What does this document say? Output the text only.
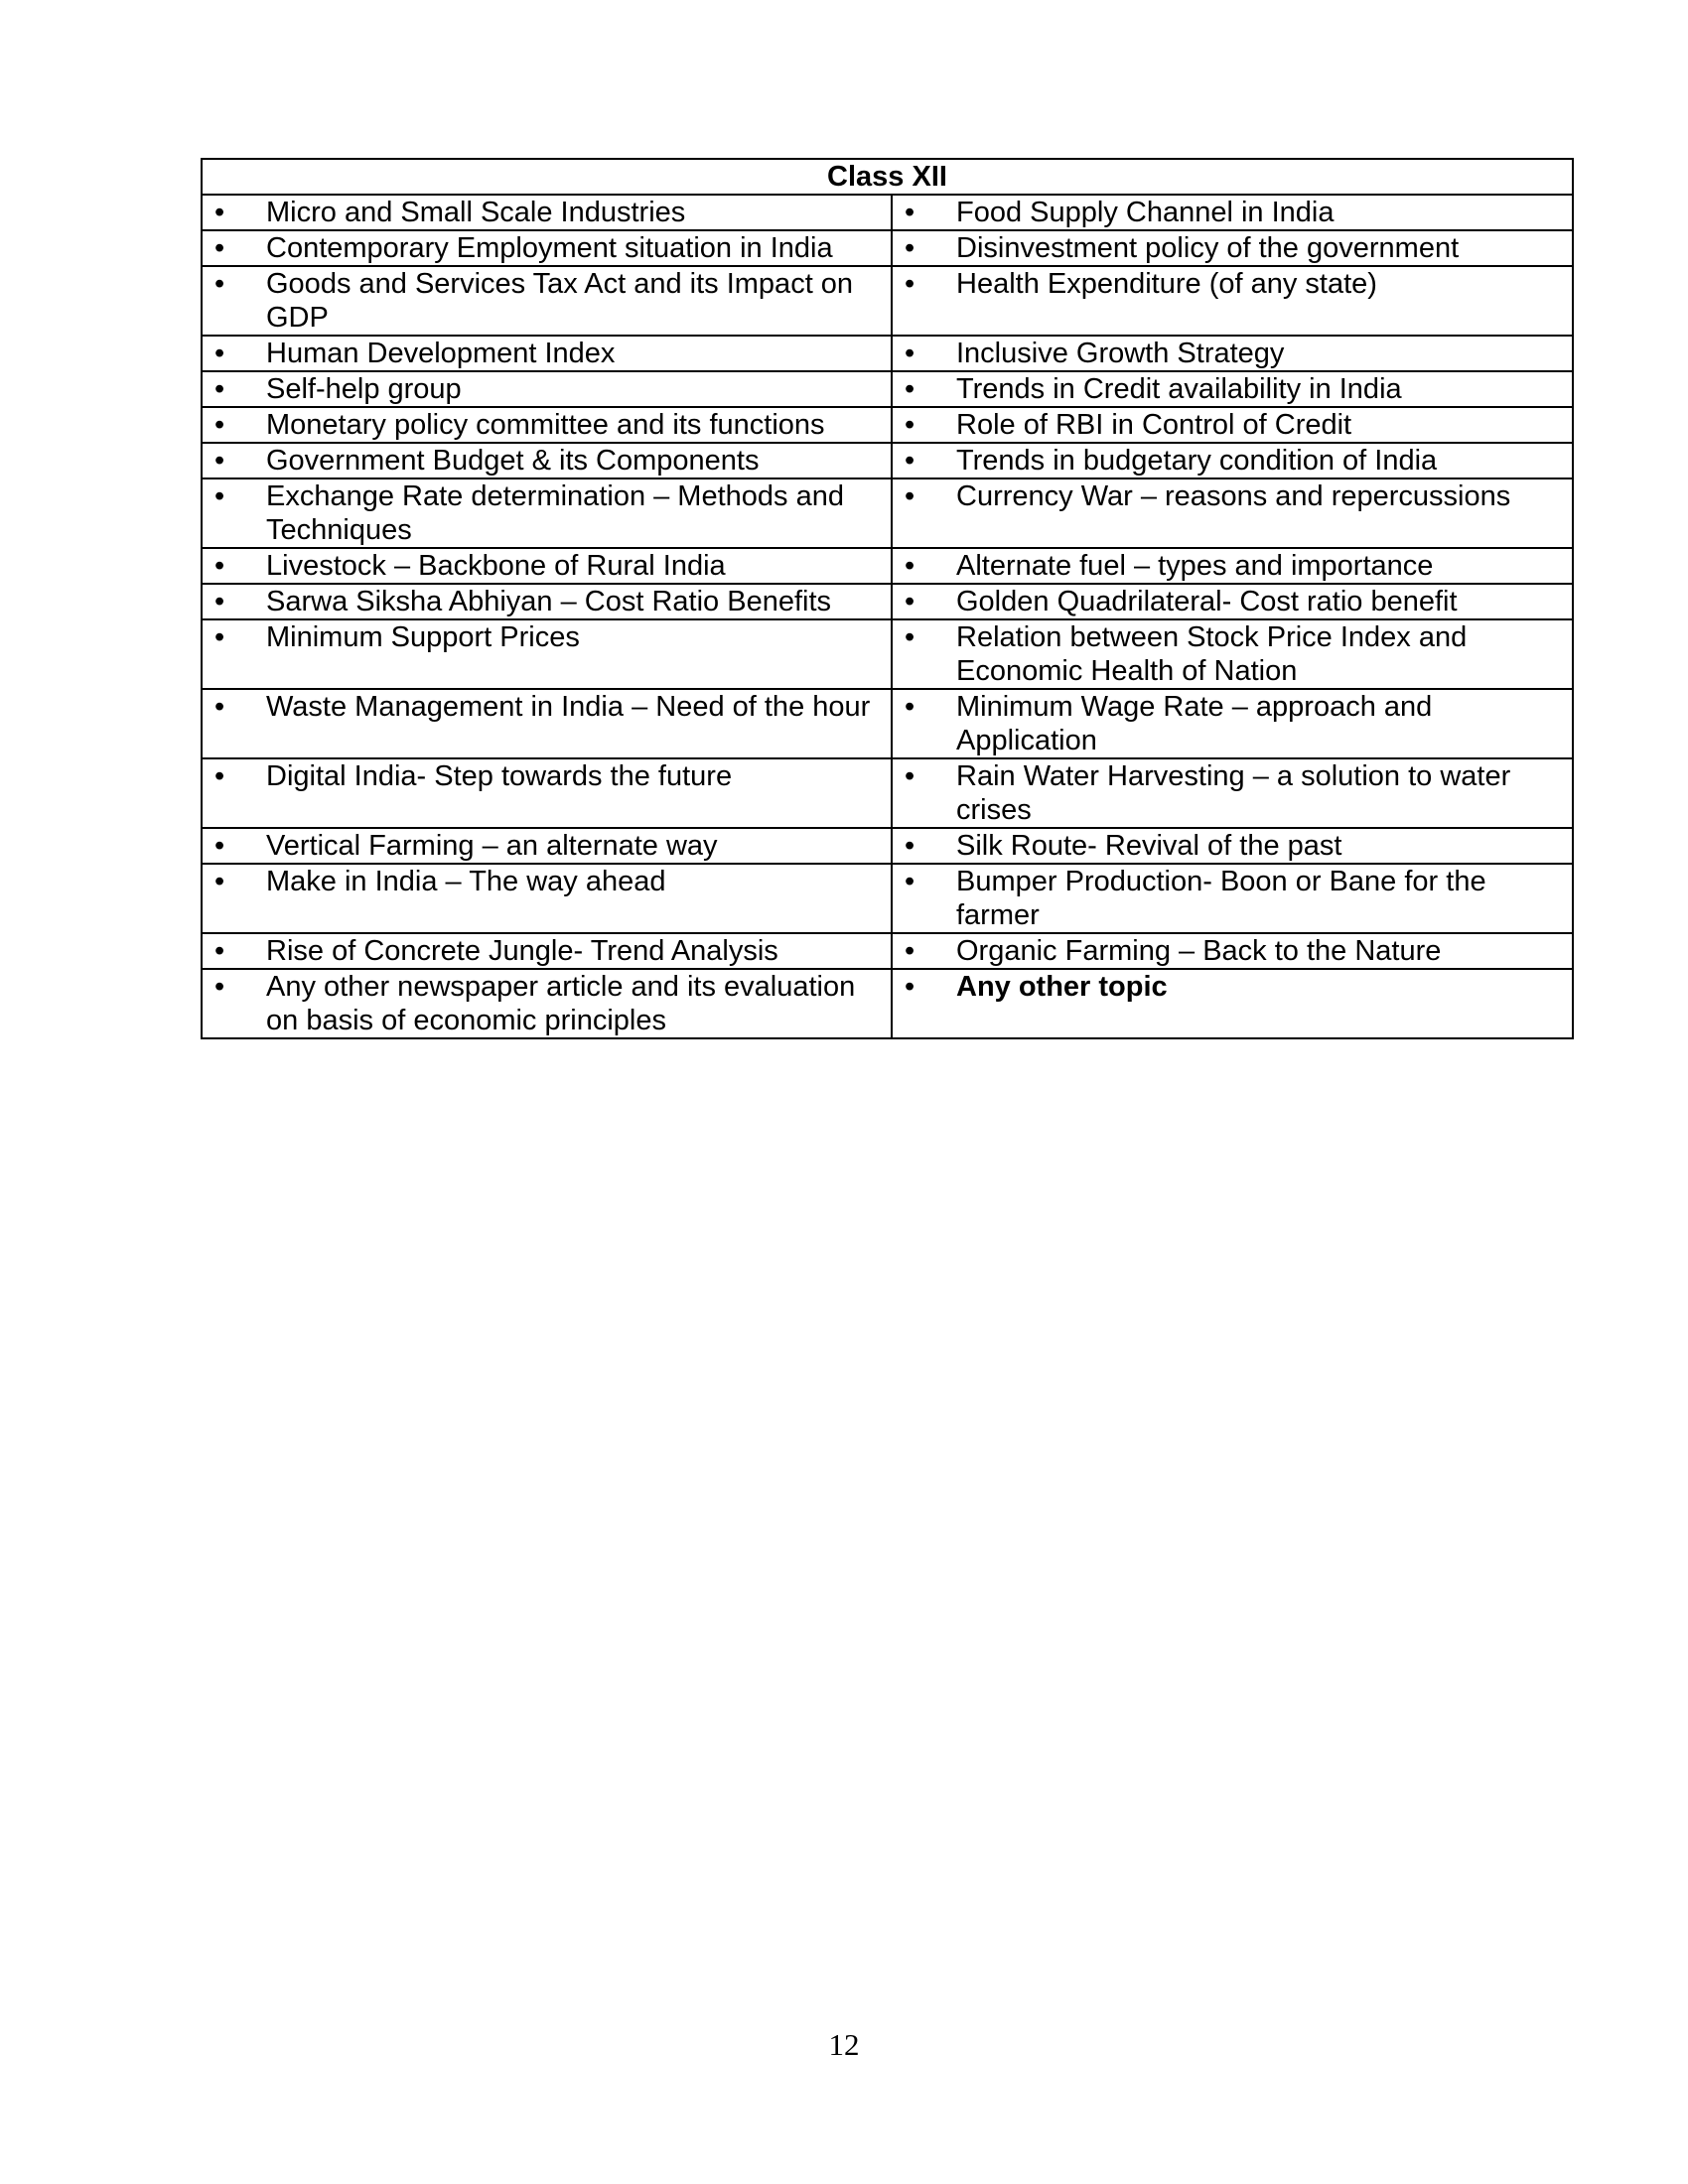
Class XII	

• Micro and Small Scale Industries	• Food Supply Channel in India

• Contemporary Employment situation in India	• Disinvestment policy of the government

• Goods and Services Tax Act and its Impact on GDP	• Health Expenditure (of any state)

• Human Development Index	• Inclusive Growth Strategy

• Self-help group	• Trends in Credit availability in India

• Monetary policy committee and its functions	• Role of RBI in Control of Credit

• Government Budget & its Components	• Trends in budgetary condition of India

• Exchange Rate determination – Methods and Techniques	• Currency War – reasons and repercussions

• Livestock – Backbone of Rural India	• Alternate fuel – types and importance

• Sarwa Siksha Abhiyan – Cost Ratio Benefits	• Golden Quadrilateral- Cost ratio benefit

• Minimum Support Prices	• Relation between Stock Price Index and Economic Health of Nation

• Waste Management in India – Need of the hour	• Minimum Wage Rate – approach and Application

• Digital India- Step towards the future	• Rain Water Harvesting – a solution to water crises

• Vertical Farming – an alternate way	• Silk Route- Revival of the past

• Make in India – The way ahead	• Bumper Production- Boon or Bane for the farmer

• Rise of Concrete Jungle- Trend Analysis	• Organic Farming – Back to the Nature

• Any other newspaper article and its evaluation on basis of economic principles	• Any other topic
12
